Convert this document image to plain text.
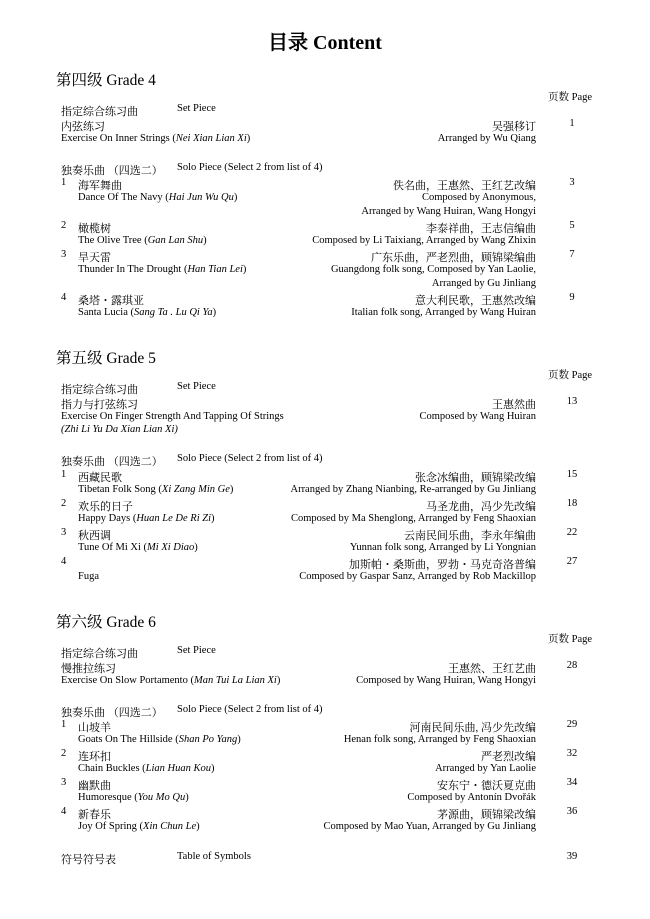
目录 Content
第四级 Grade 4
页数 Page
指定综合练习曲	Set Piece
内弦练习	吴强移订	1
Exercise On Inner Strings (Nei Xian Lian Xi)	Arranged by Wu Qiang
独奏乐曲 （四选二） Solo Piece (Select 2 from list of 4)
1 海军舞曲	佚名曲，王惠然、王红艺改编	3
Dance Of The Navy (Hai Jun Wu Qu)	Composed by Anonymous,
Arranged by Wang Huiran, Wang Hongyi
2 橄榄树	李泰祥曲，王志信编曲	5
The Olive Tree (Gan Lan Shu)	Composed by Li Taixiang, Arranged by Wang Zhixin
3 旱天雷	广东乐曲，严老烈曲，顾锦梁编曲	7
Thunder In The Drought (Han Tian Lei)	Guangdong folk song, Composed by Yan Laolie,
Arranged by Gu Jinliang
4 桑塔・露琪亚	意大利民歌，王惠然改编	9
Santa Lucia (Sang Ta . Lu Qi Ya)	Italian folk song, Arranged by Wang Huiran
第五级 Grade 5
页数 Page
指定综合练习曲	Set Piece
指力与打弦练习	王惠然曲	13
Exercise On Finger Strength And Tapping Of Strings	Composed by Wang Huiran
(Zhi Li Yu Da Xian Lian Xi)
独奏乐曲 （四选二） Solo Piece (Select 2 from list of 4)
1 西藏民歌	张念冰编曲，顾锦梁改编	15
Tibetan Folk Song (Xi Zang Min Ge)	Arranged by Zhang Nianbing, Re-arranged by Gu Jinliang
2 欢乐的日子	马圣龙曲，冯少先改编	18
Happy Days (Huan Le De Ri Zi)	Composed by Ma Shenglong, Arranged by Feng Shaoxian
3 秋西调	云南民间乐曲，李永年编曲	22
Tune Of Mi Xi (Mi Xi Diao)	Yunnan folk song, Arranged by Li Yongnian
4	加斯帕・桑斯曲，罗勃・马克奇洛普编	27
Fuga	Composed by Gaspar Sanz, Arranged by Rob Mackillop
第六级 Grade 6
页数 Page
指定综合练习曲	Set Piece
慢推拉练习	王惠然、王红艺曲	28
Exercise On Slow Portamento (Man Tui La Lian Xi)	Composed by Wang Huiran, Wang Hongyi
独奏乐曲 （四选二） Solo Piece (Select 2 from list of 4)
1 山坡羊	河南民间乐曲, 冯少先改编	29
Goats On The Hillside (Shan Po Yang)	Henan folk song, Arranged by Feng Shaoxian
2 连环扣	严老烈改编	32
Chain Buckles (Lian Huan Kou)	Arranged by Yan Laolie
3 幽默曲	安东宁・德沃夏克曲	34
Humoresque (You Mo Qu)	Composed by Antonín Dvořák
4 新春乐	茅源曲，顾锦梁改编	36
Joy Of Spring (Xin Chun Le)	Composed by Mao Yuan, Arranged by Gu Jinliang
符号符号表	Table of Symbols	39
